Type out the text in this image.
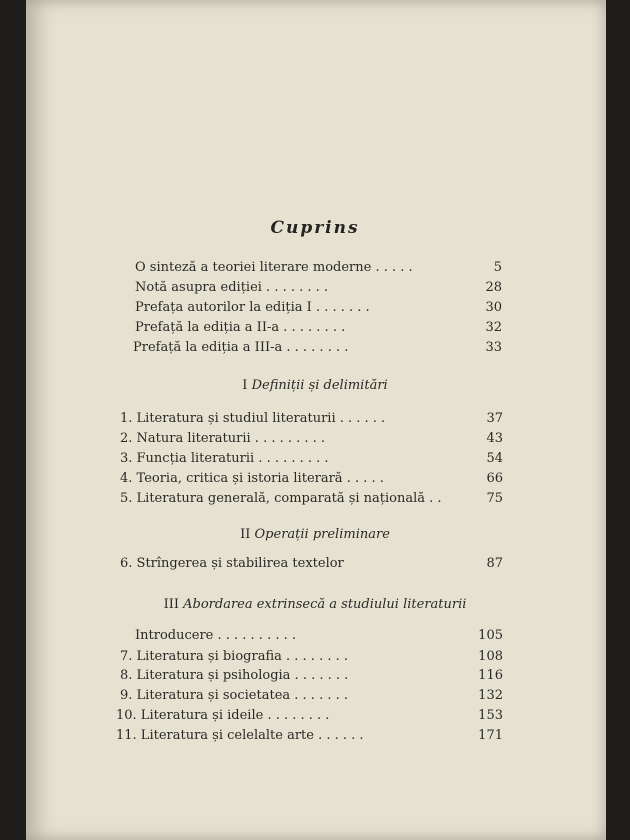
Cuprins
O sinteză a teoriei literare moderne . . . . .	5
Notă asupra ediției . . . . . . . .	28
Prefața autorilor la ediția I . . . . . . .	30
Prefață la ediția a II-a . . . . . . . .	32
Prefață la ediția a III-a . . . . . . . .	33
I Definiții și delimitări
1. Literatura și studiul literaturii . . . . . .	37
2. Natura literaturii . . . . . . . . .	43
3. Funcția literaturii . . . . . . . . .	54
4. Teoria, critica și istoria literară . . . . .	66
5. Literatura generală, comparată și națională . .	75
II Operații preliminare
6. Strîngerea și stabilirea textelor	87
III Abordarea extrinsecă a studiului literaturii
Introducere . . . . . . . . . .	105
7. Literatura și biografia . . . . . . . .	108
8. Literatura și psihologia . . . . . . .	116
9. Literatura și societatea . . . . . . .	132
10. Literatura și ideile . . . . . . . .	153
11. Literatura și celelalte arte . . . . . .	171
